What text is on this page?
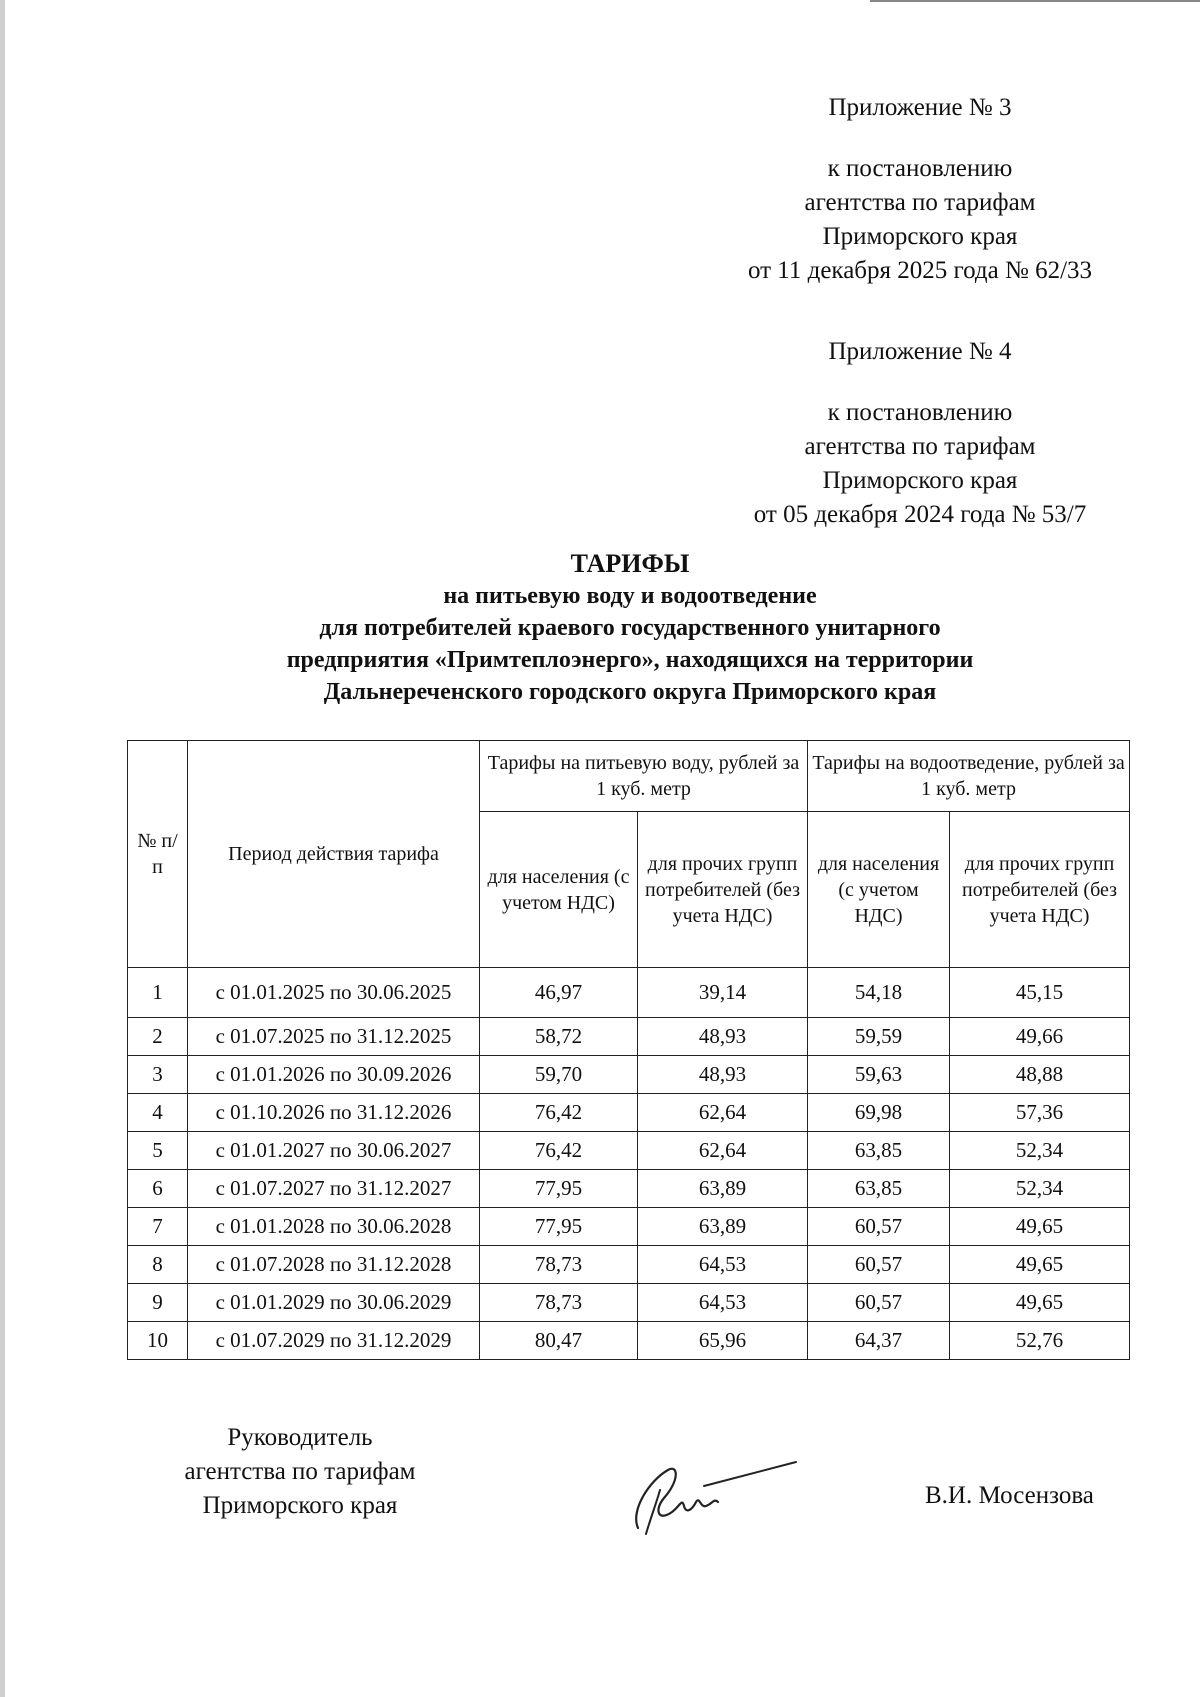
Приложение № 3
к постановлению
агентства по тарифам
Приморского края
от 11 декабря 2025 года № 62/33
Приложение № 4
к постановлению
агентства по тарифам
Приморского края
от 05 декабря 2024 года № 53/7
ТАРИФЫ
на питьевую воду и водоотведение
для потребителей краевого государственного унитарного
предприятия «Примтеплоэнерго», находящихся на территории
Дальнереченского городского округа Приморского края
№ п/п	Период действия тарифа	Тарифы на питьевую воду, рублей за 1 куб. метр		Тарифы на водоотведение, рублей за 1 куб. метр	
		для населения (с учетом НДС)	для прочих групп потребителей (без учета НДС)	для населения (с учетом НДС)	для прочих групп потребителей (без учета НДС)
1	с 01.01.2025 по 30.06.2025	46,97	39,14	54,18	45,15
2	с 01.07.2025 по 31.12.2025	58,72	48,93	59,59	49,66
3	с 01.01.2026 по 30.09.2026	59,70	48,93	59,63	48,88
4	с 01.10.2026 по 31.12.2026	76,42	62,64	69,98	57,36
5	с 01.01.2027 по 30.06.2027	76,42	62,64	63,85	52,34
6	с 01.07.2027 по 31.12.2027	77,95	63,89	63,85	52,34
7	с 01.01.2028 по 30.06.2028	77,95	63,89	60,57	49,65
8	с 01.07.2028 по 31.12.2028	78,73	64,53	60,57	49,65
9	с 01.01.2029 по 30.06.2029	78,73	64,53	60,57	49,65
10	с 01.07.2029 по 31.12.2029	80,47	65,96	64,37	52,76
Руководитель
агентства по тарифам
Приморского края	В.И. Мосензова
